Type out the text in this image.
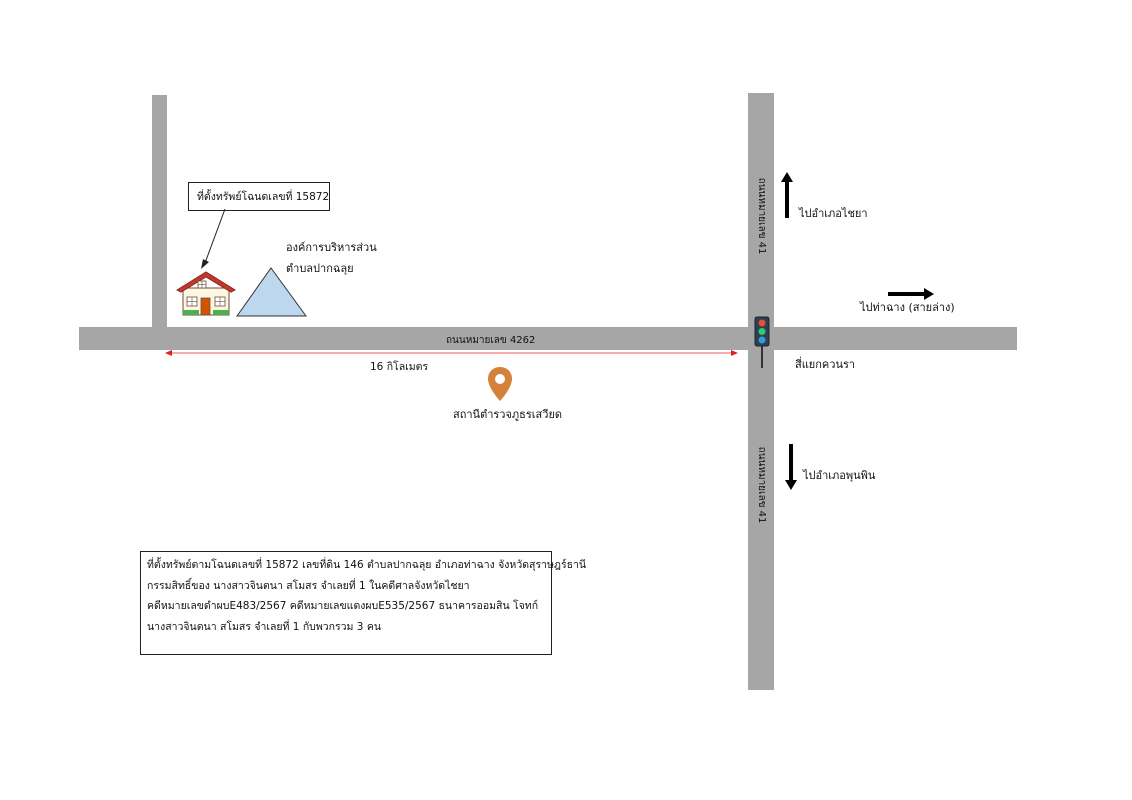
ถนนหมายเลข 4262
ถนนหมายเลข 41
ถนนหมายเลข 41
ที่ตั้งทรัพย์โฉนดเลขที่ 15872
องค์การบริหารส่วน
ตำบลปากฉลุย
16 กิโลเมตร
สถานีตำรวจภูธรเสวียด
สี่แยกควนรา
ไปอำเภอไชยา
ไปท่าฉาง (สายล่าง)
ไปอำเภอพุนพิน
ที่ตั้งทรัพย์ตามโฉนดเลขที่ 15872 เลขที่ดิน 146 ตำบลปากฉลุย อำเภอท่าฉาง จังหวัดสุราษฎร์ธานี
กรรมสิทธิ์ของ นางสาวจินตนา สโมสร จำเลยที่ 1 ในคดีศาลจังหวัดไชยา
คดีหมายเลขดำผบE483/2567 คดีหมายเลขแดงผบE535/2567 ธนาคารออมสิน โจทก์
นางสาวจินตนา สโมสร จำเลยที่ 1 กับพวกรวม 3 คน
